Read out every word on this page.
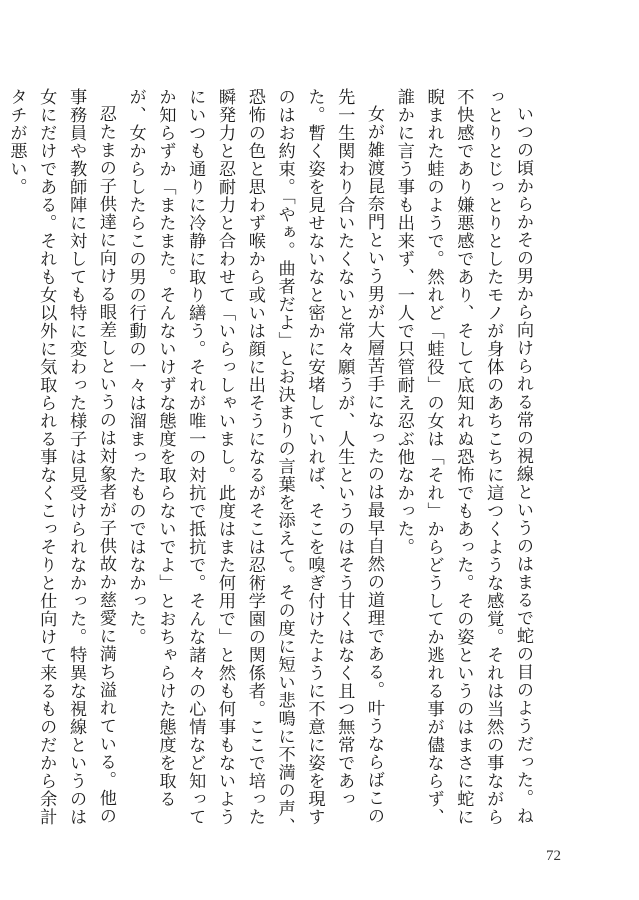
いつの頃からかその男から向けられる常の視線というのはまるで蛇の目のようだった。ねっとりとじっとりとしたモノが身体のあちこちに這つくような感覚。それは当然の事ながら不快感であり嫌悪感であり、そして底知れぬ恐怖でもあった。その姿というのはまさに蛇に睨まれた蛙のようで。然れど「蛙役」の女は「それ」からどうしてか逃れる事が儘ならず、誰かに言う事も出来ず、一人で只管耐え忍ぶ他なかった。

女が雑渡昆奈門という男が大層苦手になったのは最早自然の道理である。叶うならばこの先一生関わり合いたくないと常々願うが、人生というのはそう甘くはなく且つ無常であった。暫く姿を見せないなと密かに安堵していれば、そこを嗅ぎ付けたように不意に姿を現すのはお約束。「やぁ。曲者だよ」とお決まりの言葉を添えて。その度に短い悲鳴に不満の声、恐怖の色と思わず喉から或いは顔に出そうになるがそこは忍術学園の関係者。ここで培った瞬発力と忍耐力と合わせて「いらっしゃいまし。此度はまた何用で」と然も何事もないようにいつも通りに冷静に取り繕う。それが唯一の対抗で抵抗で。そんな諸々の心情など知ってか知らずか「またまた。そんないけずな態度を取らないでよ」とおちゃらけた態度を取るが、女からしたらこの男の行動の一々は溜まったものではなかった。

忍たまの子供達に向ける眼差しというのは対象者が子供故か慈愛に満ち溢れている。他の事務員や教師陣に対しても特に変わった様子は見受けられなかった。特異な視線というのは女にだけである。それも女以外に気取られる事なくこっそりと仕向けて来るものだから余計タチが悪い。

72
